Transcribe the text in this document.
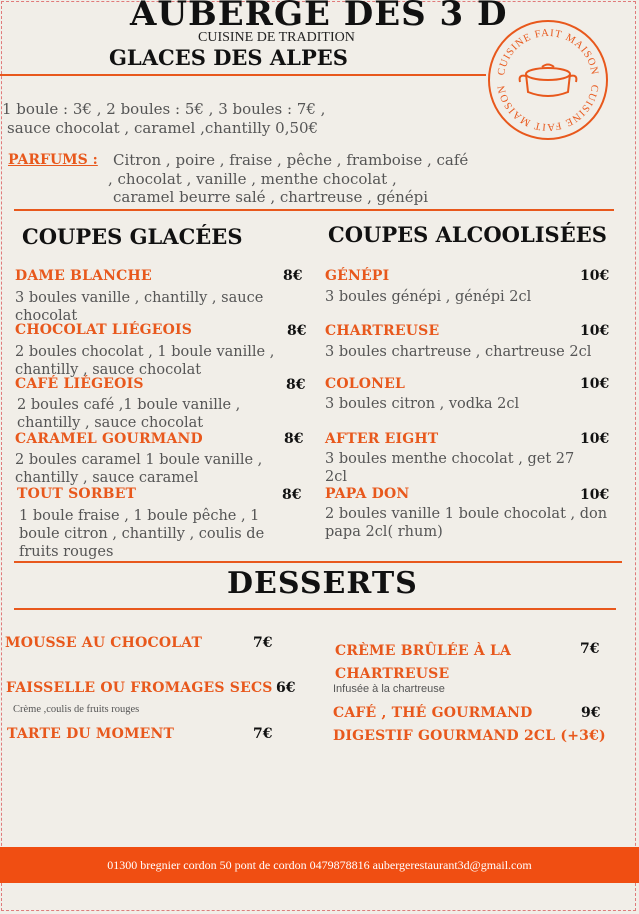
AUBERGE DES 3 D
CUISINE DE TRADITION
GLACES DES ALPES
CUISINE FAIT MAISON
CUISINE FAIT MAISON
1 boule : 3€ , 2 boules : 5€ , 3 boules : 7€ ,
sauce chocolat , caramel ,chantilly 0,50€
PARFUMS : Citron , poire , fraise , pêche , framboise , café
, chocolat , vanille , menthe chocolat ,
caramel beurre salé , chartreuse , génépi
COUPES GLACÉES	COUPES ALCOOLISÉES
DAME BLANCHE	8€
3 boules vanille , chantilly , sauce chocolat
CHOCOLAT LIÉGEOIS	8€
2 boules chocolat , 1 boule vanille , chantilly , sauce chocolat
CAFÉ LIÉGEOIS	8€
2 boules café ,1 boule vanille , chantilly , sauce chocolat
CARAMEL GOURMAND	8€
2 boules caramel 1 boule vanille , chantilly , sauce caramel
TOUT SORBET	8€
1 boule fraise , 1 boule pêche , 1 boule citron , chantilly , coulis de fruits rouges
GÉNÉPI	10€
3 boules génépi , génépi 2cl
CHARTREUSE	10€
3 boules chartreuse , chartreuse 2cl
COLONEL	10€
3 boules citron , vodka 2cl
AFTER EIGHT	10€
3 boules menthe chocolat , get 27 2cl
PAPA DON	10€
2 boules vanille 1 boule chocolat , don papa 2cl( rhum)
DESSERTS
MOUSSE AU CHOCOLAT	7€
FAISSELLE OU FROMAGES SECS 6€
Crème ,coulis de fruits rouges
TARTE DU MOMENT	7€
CRÈME BRÛLÉE À LA CHARTREUSE
7€
Infusée à la chartreuse
CAFÉ , THÉ GOURMAND	9€
DIGESTIF GOURMAND 2CL (+3€)
01300 bregnier cordon 50 pont de cordon 0479878816 aubergerestaurant3d@gmail.com
